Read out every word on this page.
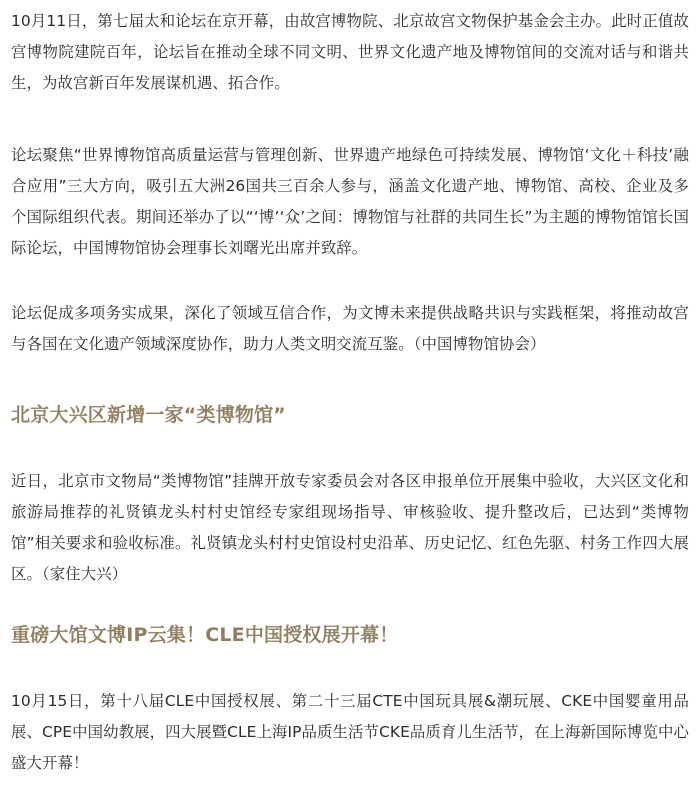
10月11日，第七届太和论坛在京开幕，由故宫博物院、北京故宫文物保护基金会主办。此时正值故宫博物院建院百年，论坛旨在推动全球不同文明、世界文化遗产地及博物馆间的交流对话与和谐共生，为故宫新百年发展谋机遇、拓合作。

论坛聚焦“世界博物馆高质量运营与管理创新、世界遗产地绿色可持续发展、博物馆‘文化＋科技’融合应用”三大方向，吸引五大洲26国共三百余人参与，涵盖文化遗产地、博物馆、高校、企业及多个国际组织代表。期间还举办了以“‘博’‘众’之间：博物馆与社群的共同生长”为主题的博物馆馆长国际论坛，中国博物馆协会理事长刘曙光出席并致辞。

论坛促成多项务实成果，深化了领域互信合作，为文博未来提供战略共识与实践框架，将推动故宫与各国在文化遗产领域深度协作，助力人类文明交流互鉴。（中国博物馆协会）

北京大兴区新增一家“类博物馆”

近日，北京市文物局“类博物馆”挂牌开放专家委员会对各区申报单位开展集中验收，大兴区文化和旅游局推荐的礼贤镇龙头村村史馆经专家组现场指导、审核验收、提升整改后，已达到“类博物馆”相关要求和验收标准。礼贤镇龙头村村史馆设村史沿革、历史记忆、红色先驱、村务工作四大展区。（家住大兴）

重磅大馆文博IP云集！CLE中国授权展开幕！

10月15日，第十八届CLE中国授权展、第二十三届CTE中国玩具展&潮玩展、CKE中国婴童用品展、CPE中国幼教展，四大展暨CLE上海IP品质生活节CKE品质育儿生活节，在上海新国际博览中心盛大开幕！
